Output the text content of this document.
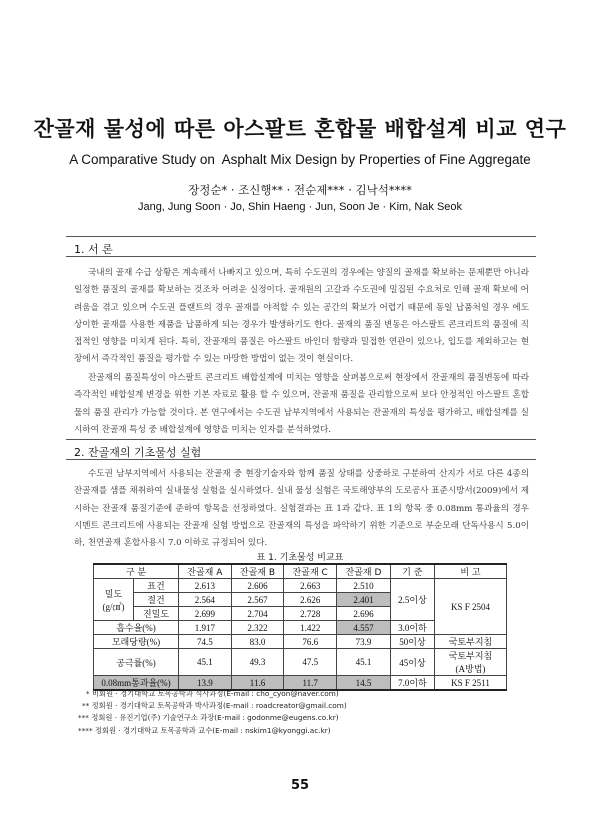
잔골재 물성에 따른 아스팔트 혼합물 배합설계 비교 연구
A Comparative Study on  Asphalt Mix Design by Properties of Fine Aggregate
장정순* · 조신행** · 전순제*** · 김낙석****
Jang, Jung Soon · Jo, Shin Haeng · Jun, Soon Je · Kim, Nak Seok
1. 서 론
국내의 골재 수급 상황은 계속해서 나빠지고 있으며, 특히 수도권의 경우에는 양질의 골재를 확보하는 문제뿐만 아니라 일정한 품질의 골재를 확보하는 것조차 어려운 실정이다. 골재원의 고갈과 수도권에 밀집된 수요처로 인해 골재 확보에 어려움을 겪고 있으며 수도권 플랜트의 경우 골재를 야적할 수 있는 공간의 확보가 어렵기 때문에 동일 납품처일 경우 에도 상이한 골재를 사용한 제품을 납품하게 되는 경우가 발생하기도 한다. 골재의 품질 변동은 아스팔트 콘크리트의 품질에 직접적인 영향을 미치게 된다. 특히, 잔골재의 품질은 아스팔트 바인더 함량과 밀접한 연관이 있으나, 입도를 제외하고는 현장에서 즉각적인 품질을 평가할 수 있는 마땅한 방법이 없는 것이 현실이다.
잔골재의 품질특성이 아스팔트 콘크리트 배합설계에 미치는 영향을 살펴봄으로써 현장에서 잔골재의 품질변동에 따라 즉각적인 배합설계 변경을 위한 기본 자료로 활용 할 수 있으며, 잔골재 품질을 관리함으로써 보다 안정적인 아스팔트 혼합물의 품질 관리가 가능할 것이다. 본 연구에서는 수도권 남부지역에서 사용되는 잔골재의 특성을 평가하고, 배합설계를 실시하여 잔골재 특성 중 배합설계에 영향을 미치는 인자를 분석하였다.
2. 잔골재의 기초물성 실험
수도권 남부지역에서 사용되는 잔골재 중 현장기술자와 함께 품질 상태를 상중하로 구분하여 산지가 서로 다른 4종의 잔골재를 샘플 채취하여 실내물성 실험을 실시하였다. 실내 물성 실험은 국토해양부의 도로공사 표준시방서(2009)에서 제시하는 잔골재 품질기준에 준하여 항목을 선정하였다. 실험결과는 표 1과 같다. 표 1의 항목 중 0.08mm 통과율의 경우 시멘트 콘크리트에 사용되는 잔골재 실험 방법으로 잔골재의 특성을 파악하기 위한 기준으로 부순모래 단독사용시 5.0이하, 천연골재 혼합사용시 7.0 이하로 규정되어 있다.
표 1. 기초물성 비교표
구 분		잔골재 A	잔골재 B	잔골재 C	잔골재 D	기 준	비 고

밀도
(g/㎤)	표건	2.613	2.606	2.663	2.510	2.5이상	KS F 2504
	절건	2.564	2.567	2.626	2.401		
	진밀도	2.699	2.704	2.728	2.696		
흡수율(%)		1.917	2.322	1.422	4.557	3.0이하	
모래당량(%)		74.5	83.0	76.6	73.9	50이상	국토부지침
공극률(%)		45.1	49.3	47.5	45.1	45이상	국토부지침
(A방법)

0.08mm통과율(%)		13.9	11.6	11.7	14.5	7.0이하	KS F 2511
* 비회원 · 경기대학교 토목공학과 석사과정(E-mail : cho_cyon@naver.com)
** 정회원 · 경기대학교 토목공학과 박사과정(E-mail : roadcreator@gmail.com)
*** 정회원 · 유진기업(주) 기술연구소 과장(E-mail : godonme@eugens.co.kr)
**** 정회원 · 경기대학교 토목공학과 교수(E-mail : nskim1@kyonggi.ac.kr)
55
